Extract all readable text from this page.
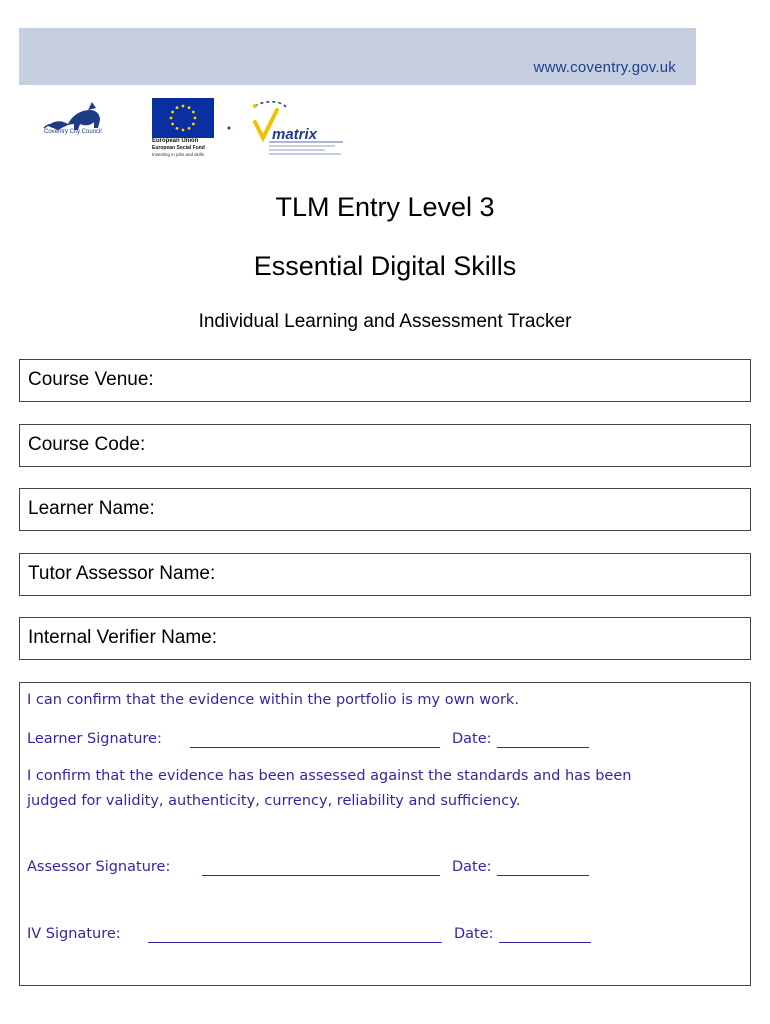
www.coventry.gov.uk
Coventry City Council
European Union
European Social Fund
Investing in jobs and skills
matrix
TLM Entry Level 3
Essential Digital Skills
Individual Learning and Assessment Tracker
Course Venue:
Course Code:
Learner Name:
Tutor Assessor Name:
Internal Verifier Name:
I can confirm that the evidence within the portfolio is my own work.
Learner Signature:	Date:
I confirm that the evidence has been assessed against the standards and has been
judged for validity, authenticity, currency, reliability and sufficiency.
Assessor Signature:	Date:
IV Signature:	Date:
